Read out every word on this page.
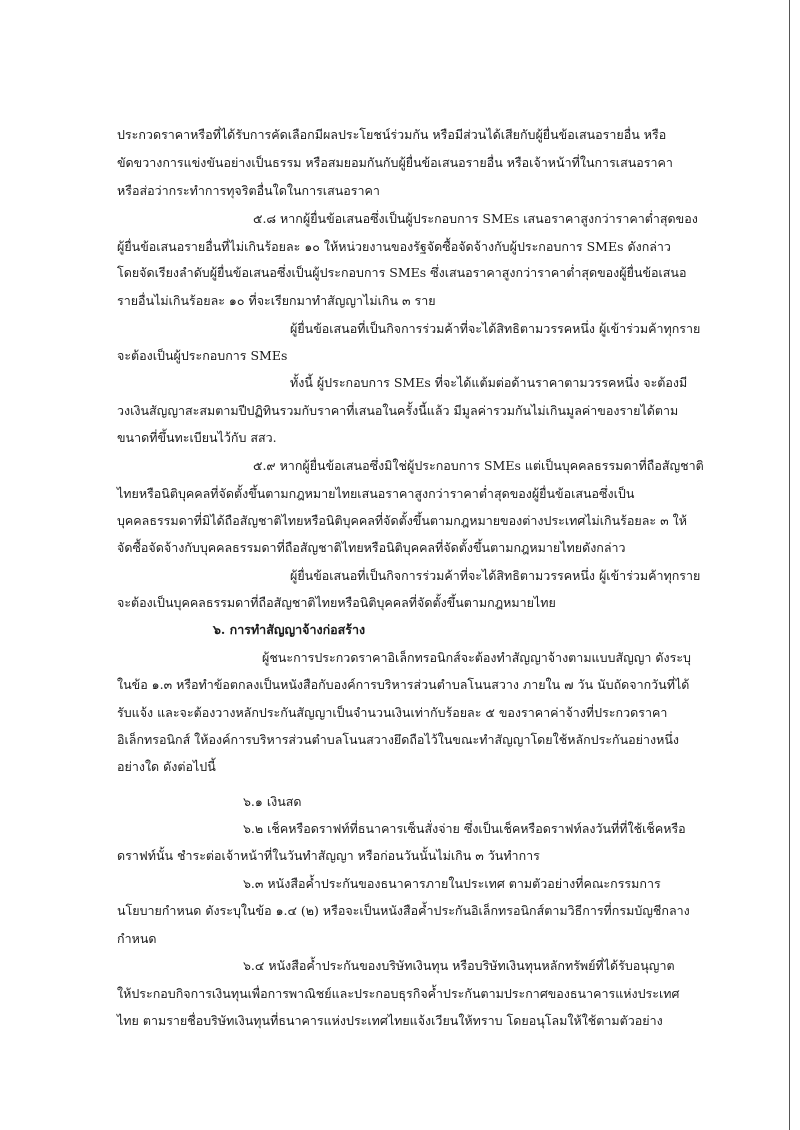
ประกวดราคาหรือที่ได้รับการคัดเลือกมีผลประโยชน์ร่วมกัน หรือมีส่วนได้เสียกับผู้ยื่นข้อเสนอรายอื่น หรือ
ขัดขวางการแข่งขันอย่างเป็นธรรม หรือสมยอมกันกับผู้ยื่นข้อเสนอรายอื่น หรือเจ้าหน้าที่ในการเสนอราคา
หรือส่อว่ากระทำการทุจริตอื่นใดในการเสนอราคา
๕.๘ หากผู้ยื่นข้อเสนอซึ่งเป็นผู้ประกอบการ SMEs เสนอราคาสูงกว่าราคาต่ำสุดของ
ผู้ยื่นข้อเสนอรายอื่นที่ไม่เกินร้อยละ ๑๐ ให้หน่วยงานของรัฐจัดซื้อจัดจ้างกับผู้ประกอบการ SMEs ดังกล่าว
โดยจัดเรียงลำดับผู้ยื่นข้อเสนอซึ่งเป็นผู้ประกอบการ SMEs ซึ่งเสนอราคาสูงกว่าราคาต่ำสุดของผู้ยื่นข้อเสนอ
รายอื่นไม่เกินร้อยละ ๑๐ ที่จะเรียกมาทำสัญญาไม่เกิน ๓ ราย
ผู้ยื่นข้อเสนอที่เป็นกิจการร่วมค้าที่จะได้สิทธิตามวรรคหนึ่ง ผู้เข้าร่วมค้าทุกราย
จะต้องเป็นผู้ประกอบการ SMEs
ทั้งนี้ ผู้ประกอบการ SMEs ที่จะได้แต้มต่อด้านราคาตามวรรคหนึ่ง จะต้องมี
วงเงินสัญญาสะสมตามปีปฏิทินรวมกับราคาที่เสนอในครั้งนี้แล้ว มีมูลค่ารวมกันไม่เกินมูลค่าของรายได้ตาม
ขนาดที่ขึ้นทะเบียนไว้กับ สสว.
๕.๙ หากผู้ยื่นข้อเสนอซึ่งมิใช่ผู้ประกอบการ SMEs แต่เป็นบุคคลธรรมดาที่ถือสัญชาติ
ไทยหรือนิติบุคคลที่จัดตั้งขึ้นตามกฎหมายไทยเสนอราคาสูงกว่าราคาต่ำสุดของผู้ยื่นข้อเสนอซึ่งเป็น
บุคคลธรรมดาที่มิได้ถือสัญชาติไทยหรือนิติบุคคลที่จัดตั้งขึ้นตามกฎหมายของต่างประเทศไม่เกินร้อยละ ๓ ให้
จัดซื้อจัดจ้างกับบุคคลธรรมดาที่ถือสัญชาติไทยหรือนิติบุคคลที่จัดตั้งขึ้นตามกฎหมายไทยดังกล่าว
ผู้ยื่นข้อเสนอที่เป็นกิจการร่วมค้าที่จะได้สิทธิตามวรรคหนึ่ง ผู้เข้าร่วมค้าทุกราย
จะต้องเป็นบุคคลธรรมดาที่ถือสัญชาติไทยหรือนิติบุคคลที่จัดตั้งขึ้นตามกฎหมายไทย
๖. การทำสัญญาจ้างก่อสร้าง
ผู้ชนะการประกวดราคาอิเล็กทรอนิกส์จะต้องทำสัญญาจ้างตามแบบสัญญา ดังระบุ
ในข้อ ๑.๓ หรือทำข้อตกลงเป็นหนังสือกับองค์การบริหารส่วนตำบลโนนสวาง ภายใน ๗ วัน นับถัดจากวันที่ได้
รับแจ้ง และจะต้องวางหลักประกันสัญญาเป็นจำนวนเงินเท่ากับร้อยละ ๕ ของราคาค่าจ้างที่ประกวดราคา
อิเล็กทรอนิกส์ ให้องค์การบริหารส่วนตำบลโนนสวางยึดถือไว้ในขณะทำสัญญาโดยใช้หลักประกันอย่างหนึ่ง
อย่างใด ดังต่อไปนี้
๖.๑ เงินสด
๖.๒ เช็คหรือดราฟท์ที่ธนาคารเซ็นสั่งจ่าย ซึ่งเป็นเช็คหรือดราฟท์ลงวันที่ที่ใช้เช็คหรือ
ดราฟท์นั้น ชำระต่อเจ้าหน้าที่ในวันทำสัญญา หรือก่อนวันนั้นไม่เกิน ๓ วันทำการ
๖.๓ หนังสือค้ำประกันของธนาคารภายในประเทศ ตามตัวอย่างที่คณะกรรมการ
นโยบายกำหนด ดังระบุในข้อ ๑.๔ (๒) หรือจะเป็นหนังสือค้ำประกันอิเล็กทรอนิกส์ตามวิธีการที่กรมบัญชีกลาง
กำหนด
๖.๔ หนังสือค้ำประกันของบริษัทเงินทุน หรือบริษัทเงินทุนหลักทรัพย์ที่ได้รับอนุญาต
ให้ประกอบกิจการเงินทุนเพื่อการพาณิชย์และประกอบธุรกิจค้ำประกันตามประกาศของธนาคารแห่งประเทศ
ไทย ตามรายชื่อบริษัทเงินทุนที่ธนาคารแห่งประเทศไทยแจ้งเวียนให้ทราบ โดยอนุโลมให้ใช้ตามตัวอย่าง
